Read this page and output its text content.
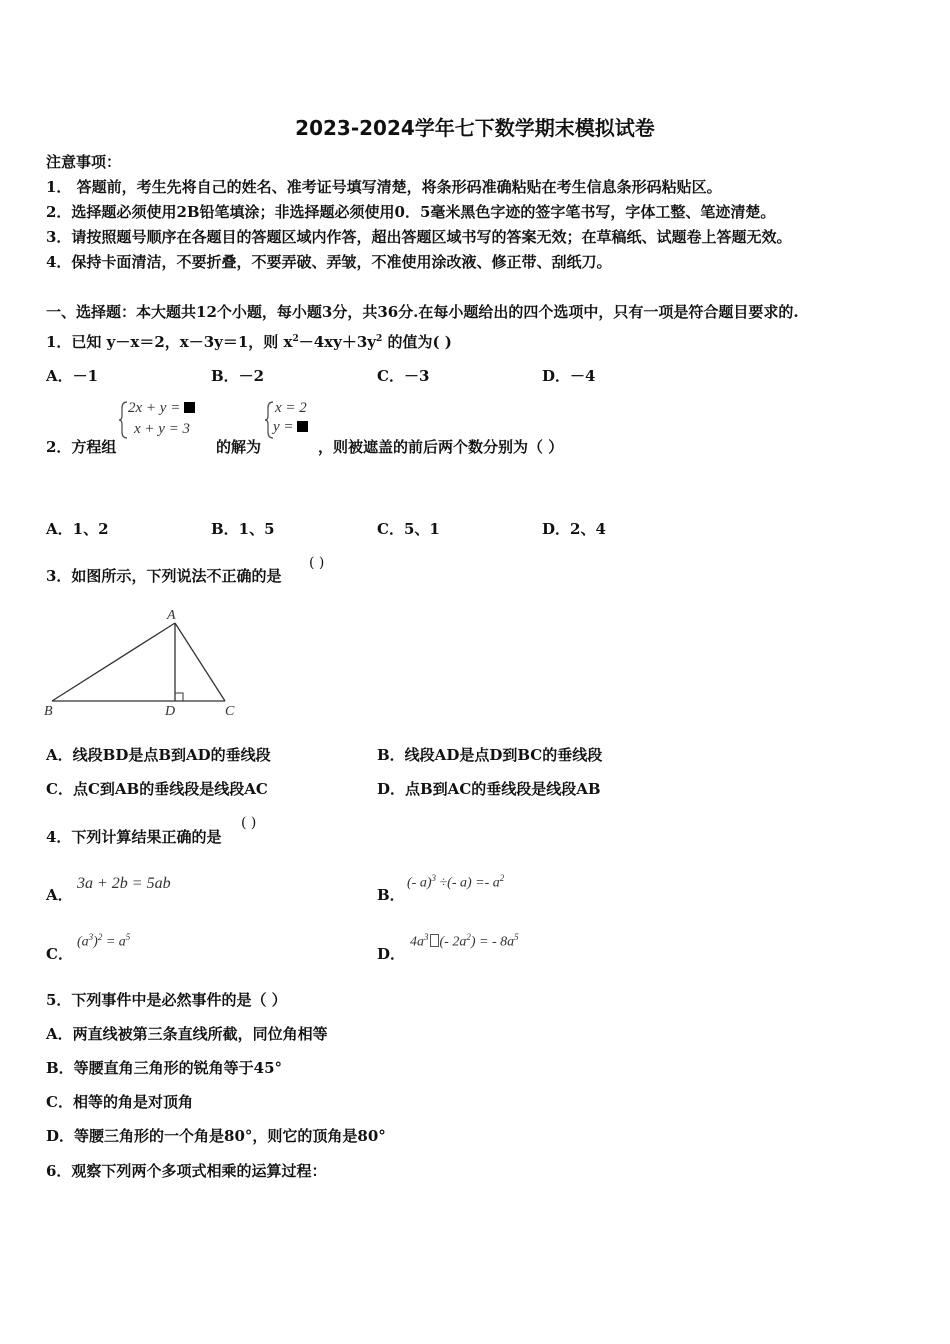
2023-2024学年七下数学期末模拟试卷
注意事项：
1． 答题前，考生先将自己的姓名、准考证号填写清楚，将条形码准确粘贴在考生信息条形码粘贴区。
2．选择题必须使用2B铅笔填涂；非选择题必须使用0．5毫米黑色字迹的签字笔书写，字体工整、笔迹清楚。
3．请按照题号顺序在各题目的答题区域内作答，超出答题区域书写的答案无效；在草稿纸、试题卷上答题无效。
4．保持卡面清洁，不要折叠，不要弄破、弄皱，不准使用涂改液、修正带、刮纸刀。
一、选择题：本大题共12个小题，每小题3分，共36分.在每小题给出的四个选项中，只有一项是符合题目要求的.
1．已知 y－x＝2，x－3y＝1，则 $x^2-4xy+3y^2$ 的值为( )
A．－1	B．－2	C．－3	D．－4
2．方程组
2x + y =
x + y = 3
的解为
x = 2
y =
，则被遮盖的前后两个数分别为（ ）
A．1、2	B．1、5	C．5、1	D．2、4
3．如图所示，下列说法不正确的是
( )
A
B	D	C
A．线段BD是点B到AD的垂线段	B．线段AD是点D到BC的垂线段
C．点C到AB的垂线段是线段AC	D．点B到AC的垂线段是线段AB
4．下列计算结果正确的是
( )
A．
3a + 2b = 5ab
B．
(- a)$^3$ ÷(- $a) =- a^2$
C．
$(a^3)^2 = a^5$
D．
$4a^3$ (- $2a^2$) = - $8a^5$
5．下列事件中是必然事件的是（ ）
A．两直线被第三条直线所截，同位角相等
B．等腰直角三角形的锐角等于45°
C．相等的角是对顶角
D．等腰三角形的一个角是80°，则它的顶角是80°
6．观察下列两个多项式相乘的运算过程：
